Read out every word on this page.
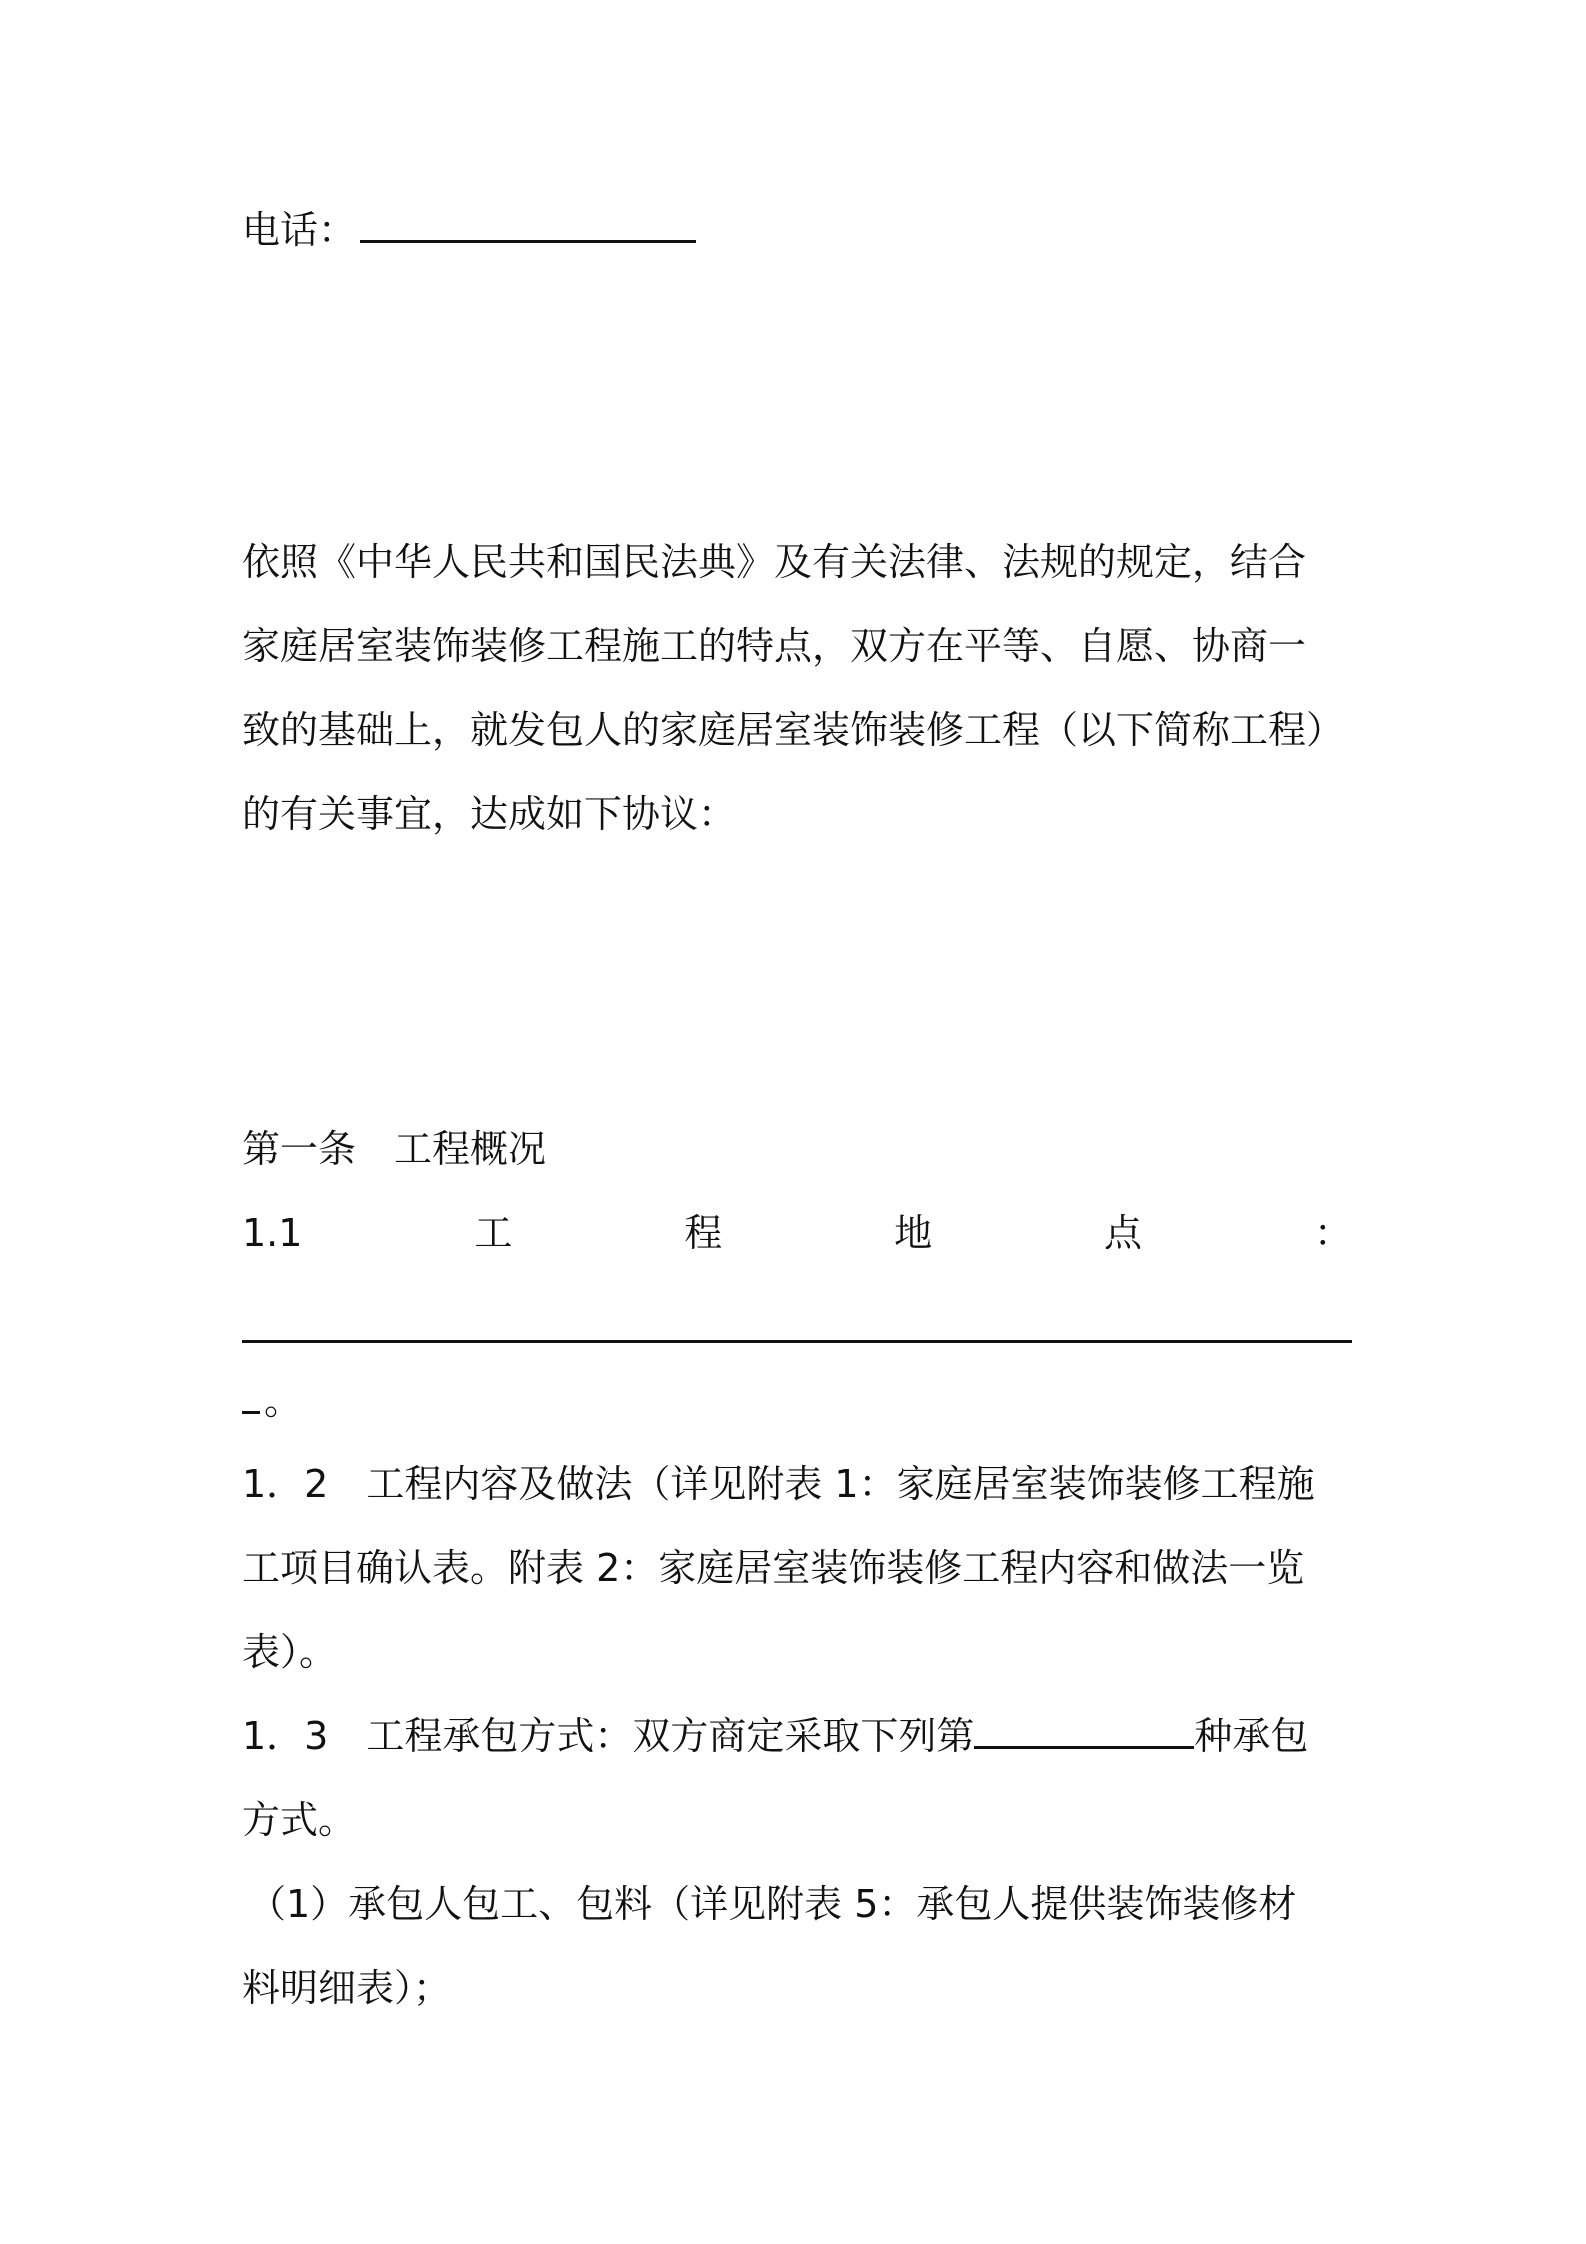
电话：
依照《中华人民共和国民法典》及有关法律、法规的规定，结合
家庭居室装饰装修工程施工的特点，双方在平等、自愿、协商一
致的基础上，就发包人的家庭居室装饰装修工程（以下简称工程）
的有关事宜，达成如下协议：
第一条　工程概况
1.1	工	程	地	点	：
。
1．2　工程内容及做法（详见附表 1：家庭居室装饰装修工程施
工项目确认表。附表 2：家庭居室装饰装修工程内容和做法一览
表）。
1．3　工程承包方式：双方商定采取下列第	种承包
方式。
（1）承包人包工、包料（详见附表 5：承包人提供装饰装修材
料明细表）；
